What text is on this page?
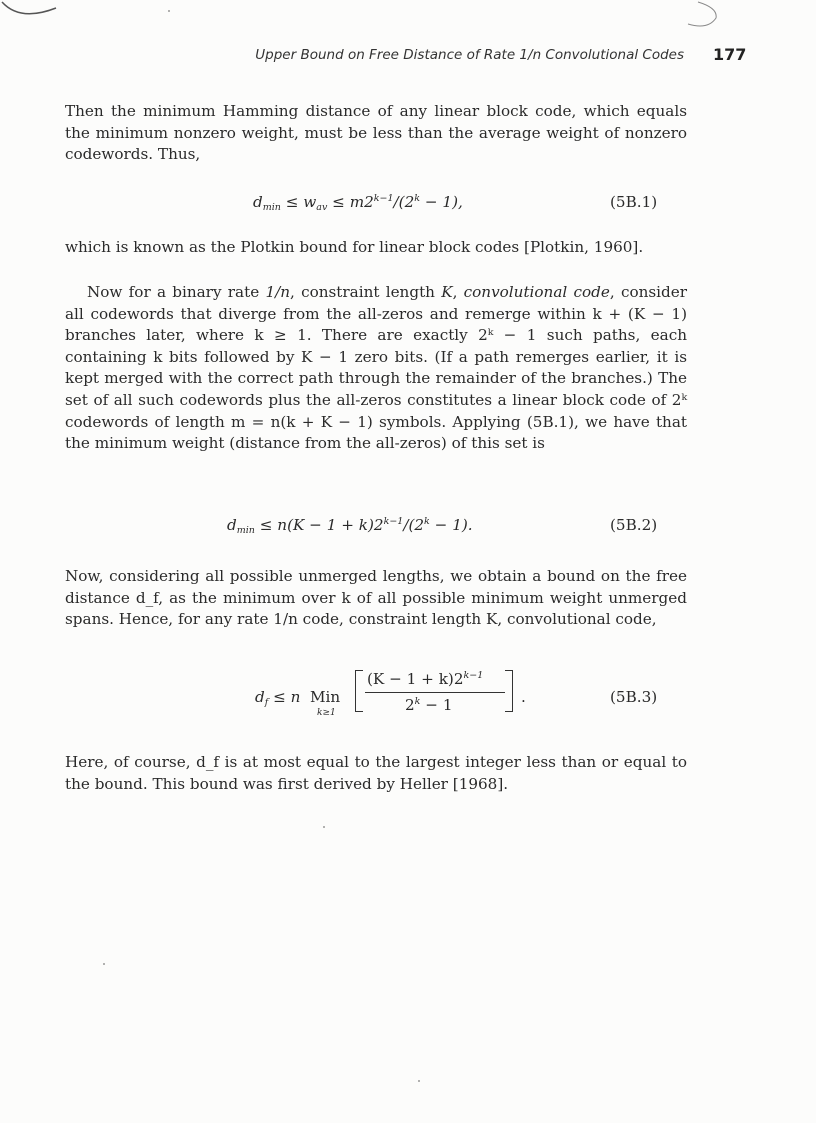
Upper Bound on Free Distance of Rate 1/n Convolutional Codes 177

Then the minimum Hamming distance of any linear block code, which equals the minimum nonzero weight, must be less than the average weight of nonzero codewords. Thus,

$d_{min} \le w_{av} \le m2^{k-1}/(2^k - 1)$,	(5B.1)

which is known as the Plotkin bound for linear block codes [Plotkin, 1960].

Now for a binary rate 1/n, constraint length K, convolutional code, consider all codewords that diverge from the all-zeros and remerge within k + (K − 1) branches later, where k ≥ 1. There are exactly 2ᵏ − 1 such paths, each containing k bits followed by K − 1 zero bits. (If a path remerges earlier, it is kept merged with the correct path through the remainder of the branches.) The set of all such codewords plus the all-zeros constitutes a linear block code of 2ᵏ codewords of length m = n(k + K − 1) symbols. Applying (5B.1), we have that the minimum weight (distance from the all-zeros) of this set is

$d_{min} \le n(K - 1 + k)2^{k-1}/(2^k - 1)$.	(5B.2)

Now, considering all possible unmerged lengths, we obtain a bound on the free distance d_f, as the minimum over k of all possible minimum weight unmerged spans. Hence, for any rate 1/n code, constraint length K, convolutional code,

$d_f \le n$ Min
k≥1
$(K - 1 + k)2^{k-1}$
$2^k - 1$	.	(5B.3)

Here, of course, d_f is at most equal to the largest integer less than or equal to the bound. This bound was first derived by Heller [1968].
